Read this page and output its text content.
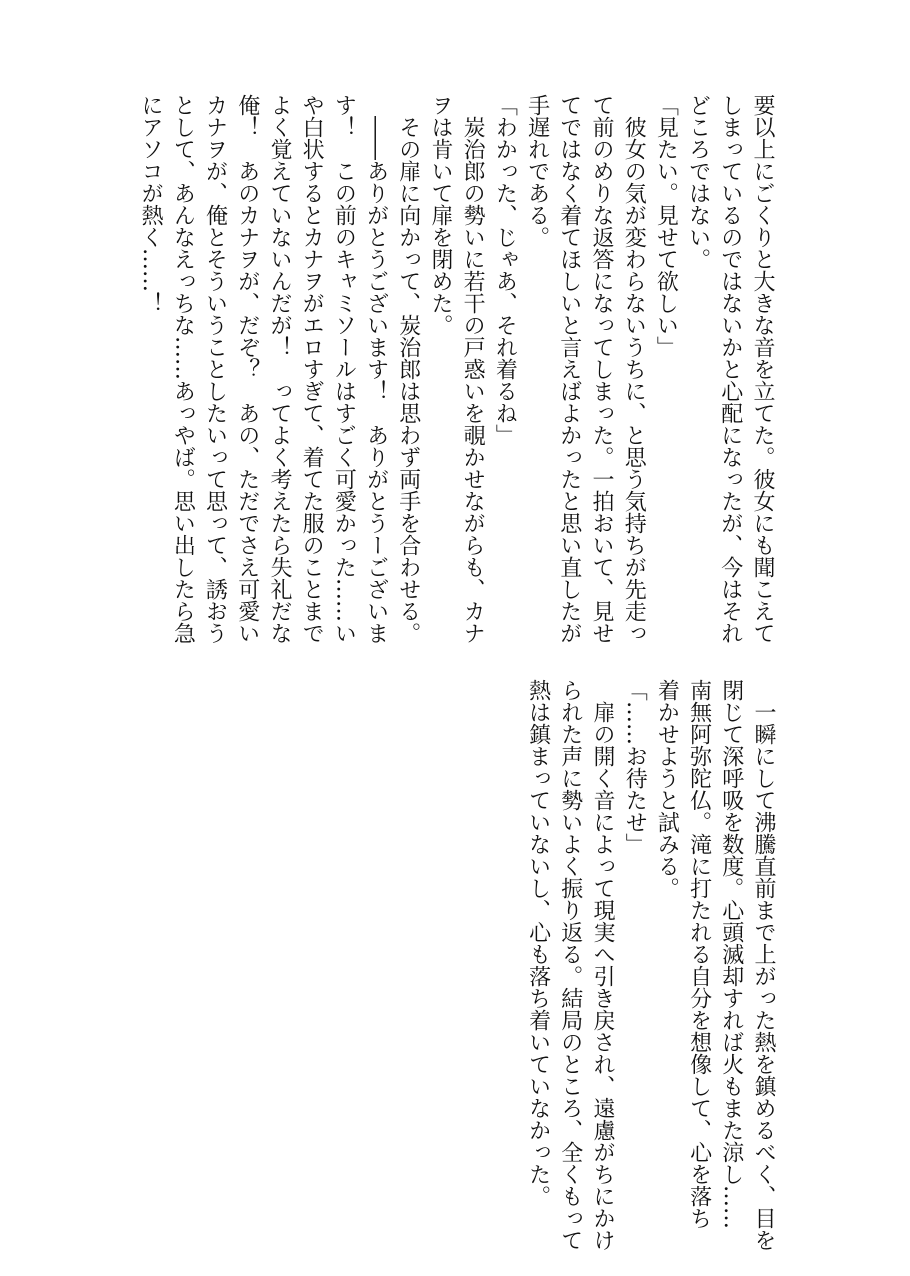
要以上にごくりと大きな音を立てた。彼女にも聞こえて

しまっているのではないかと心配になったが、今はそれ

どころではない。

「見たい。見せて欲しい」

　彼女の気が変わらないうちに、と思う気持ちが先走っ

て前のめりな返答になってしまった。一拍おいて、見せ

てではなく着てほしいと言えばよかったと思い直したが

手遅れである。

「わかった、じゃあ、それ着るね」

　炭治郎の勢いに若干の戸惑いを覗かせながらも、カナ

ヲは肯いて扉を閉めた。

　その扉に向かって、炭治郎は思わず両手を合わせる。

　――ありがとうございます！　ありがとうーございま

す！　この前のキャミソールはすごく可愛かった……い

や白状するとカナヲがエロすぎて、着てた服のことまで

よく覚えていないんだが！　ってよく考えたら失礼だな

俺！　あのカナヲが、だぞ？　あの、ただでさえ可愛い

カナヲが、俺とそういうことしたいって思って、誘おう

として、あんなえっちな……あっやば。思い出したら急

にアソコが熱く……！

　一瞬にして沸騰直前まで上がった熱を鎮めるべく、目を

閉じて深呼吸を数度。心頭滅却すれば火もまた涼し……

南無阿弥陀仏。滝に打たれる自分を想像して、心を落ち

着かせようと試みる。

「……お待たせ」

　扉の開く音によって現実へ引き戻され、遠慮がちにかけ

られた声に勢いよく振り返る。結局のところ、全くもって

熱は鎮まっていないし、心も落ち着いていなかった。
